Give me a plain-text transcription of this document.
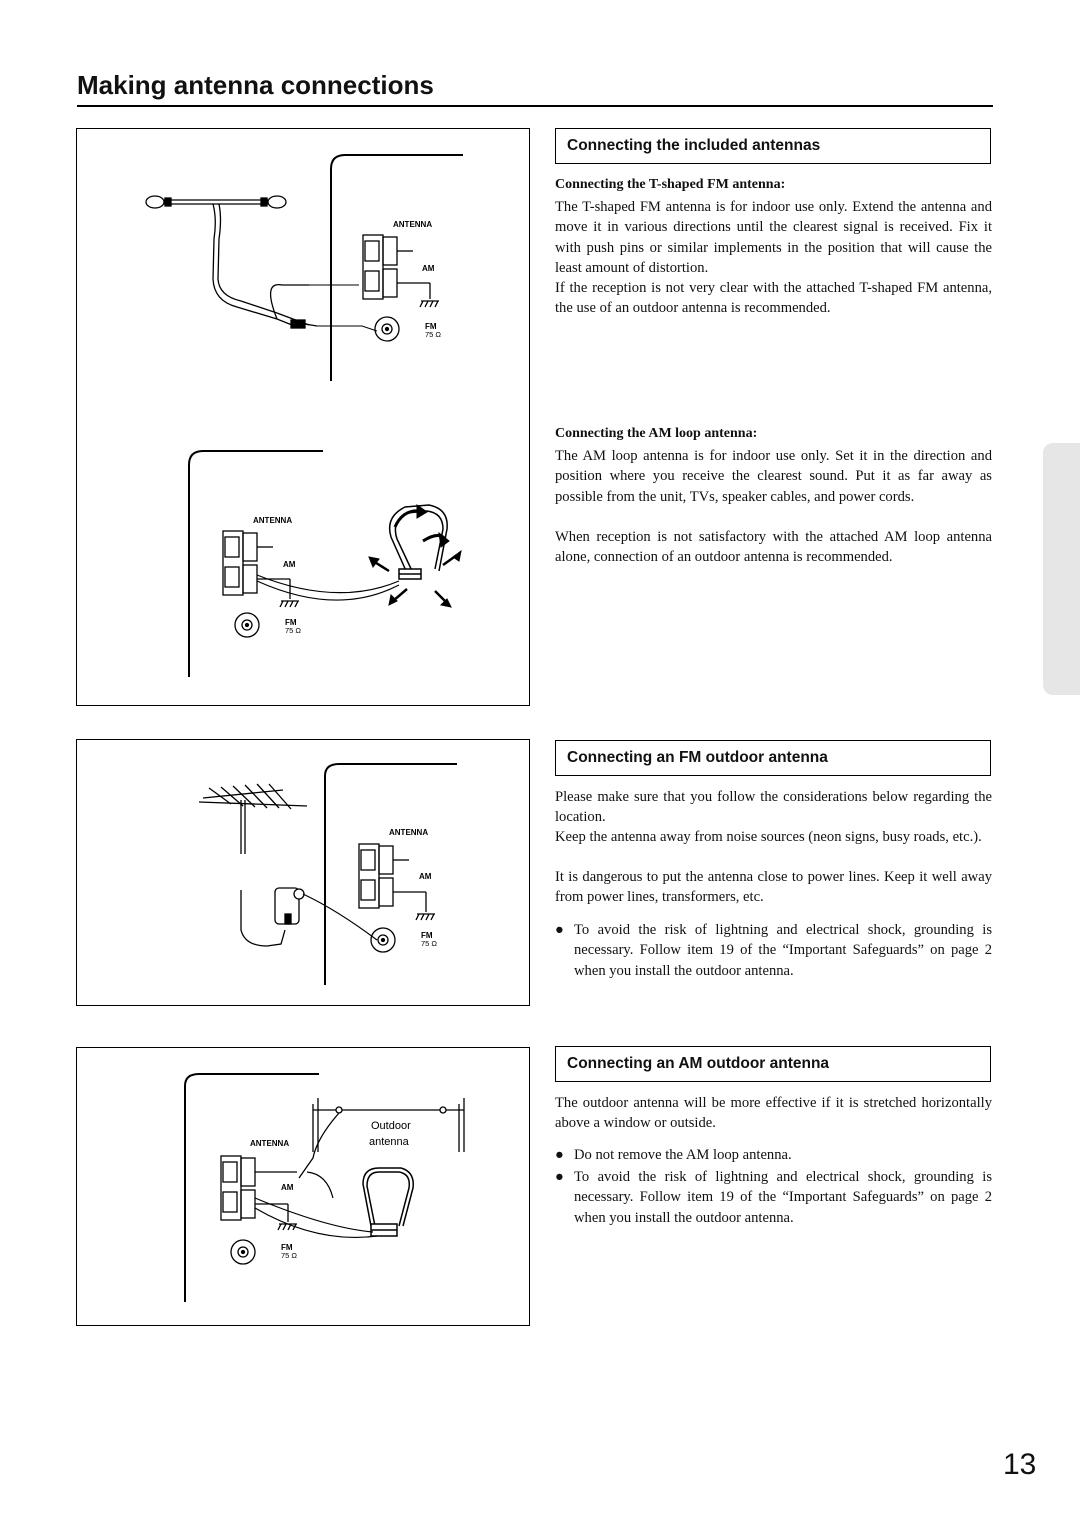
Making antenna connections
ANTENNA
AM
FM
75 Ω
ANTENNA
AM
FM
75 Ω
ANTENNA
AM
FM
75 Ω
Outdoor
antenna
ANTENNA
AM
FM
75 Ω
Connecting the included antennas
Connecting the T-shaped FM antenna:

The T-shaped FM antenna is for indoor use only. Extend the antenna and move it in various directions until the clearest signal is received. Fix it with push pins or similar implements in the position that will cause the least amount of distortion.

If the reception is not very clear with the attached T-shaped FM antenna, the use of an outdoor antenna is recommended.

Connecting the AM loop antenna:

The AM loop antenna is for indoor use only. Set it in the direction and position where you receive the clearest sound. Put it as far away as possible from the unit, TVs, speaker cables, and power cords.

When reception is not satisfactory with the attached AM loop antenna alone, connection of an outdoor antenna is recommended.

Connecting an FM outdoor antenna

Please make sure that you follow the considerations below regarding the location.

Keep the antenna away from noise sources (neon signs, busy roads, etc.).

It is dangerous to put the antenna close to power lines. Keep it well away from power lines, transformers, etc.

● To avoid the risk of lightning and electrical shock, grounding is necessary. Follow item 19 of the “Important Safeguards” on page 2 when you install the outdoor antenna.
Connecting an AM outdoor antenna

The outdoor antenna will be more effective if it is stretched horizontally above a window or outside.

● Do not remove the AM loop antenna.
● To avoid the risk of lightning and electrical shock, grounding is necessary. Follow item 19 of the “Important Safeguards” on page 2 when you install the outdoor antenna.
13
